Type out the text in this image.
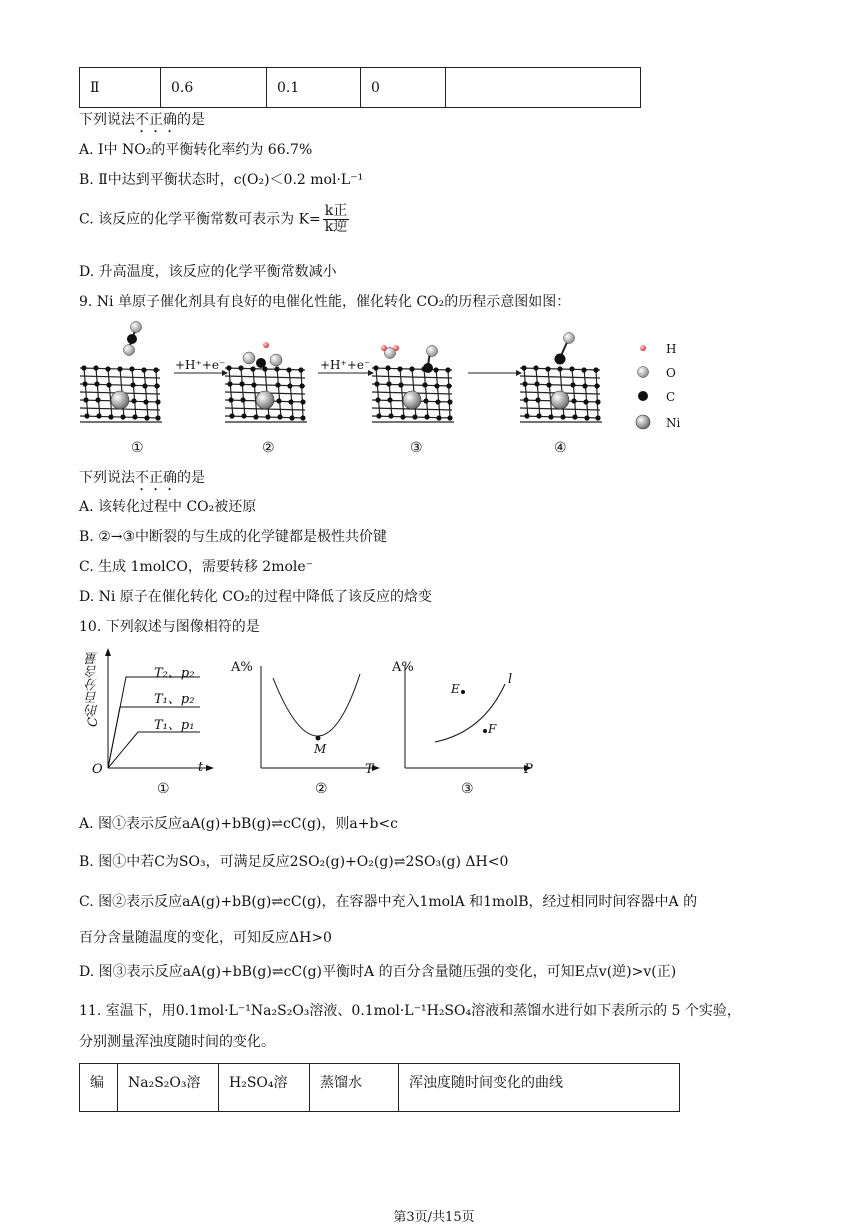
Ⅱ	0.6	0.1	0	
下列说法不正确的是
A. Ⅰ中 NO₂的平衡转化率约为 66.7%
B. Ⅱ中达到平衡状态时，c(O₂)＜0.2 mol·L⁻¹
C. 该反应的化学平衡常数可表示为 $K= \frac{\text{k正}}{\text{k逆}}$
D. 升高温度，该反应的化学平衡常数减小
9. Ni 单原子催化剂具有良好的电催化性能，催化转化 CO₂的历程示意图如图：
+H⁺+e⁻	+H⁺+e⁻
①	②	③	④
H
O
C
Ni
下列说法不正确的是
A. 该转化过程中 CO₂被还原
B. ②→③中断裂的与生成的化学键都是极性共价键
C. 生成 1molCO，需要转移 2mole⁻
D. Ni 原子在催化转化 CO₂的过程中降低了该反应的焓变
10. 下列叙述与图像相符的是
C的百分含量
O	t
T₂、p₂
T₁、p₂
T₁、p₁
①
A%
T
M
②
A%
P
l
E
F
③
A. 图①表示反应aA(g)+bB(g)⇌cC(g)，则a+b<c
B. 图①中若C为SO₃，可满足反应2SO₂(g)+O₂(g)⇌2SO₃(g) ΔH<0
C. 图②表示反应aA(g)+bB(g)⇌cC(g)，在容器中充入1molA 和1molB，经过相同时间容器中A 的
百分含量随温度的变化，可知反应ΔH>0
D. 图③表示反应aA(g)+bB(g)⇌cC(g)平衡时A 的百分含量随压强的变化，可知E点v(逆)>v(正)
11. 室温下，用0.1mol·L⁻¹Na₂S₂O₃溶液、0.1mol·L⁻¹H₂SO₄溶液和蒸馏水进行如下表所示的 5 个实验，
分别测量浑浊度随时间的变化。
编	Na₂S₂O₃溶	H₂SO₄溶	蒸馏水	浑浊度随时间变化的曲线
第3页/共15页
